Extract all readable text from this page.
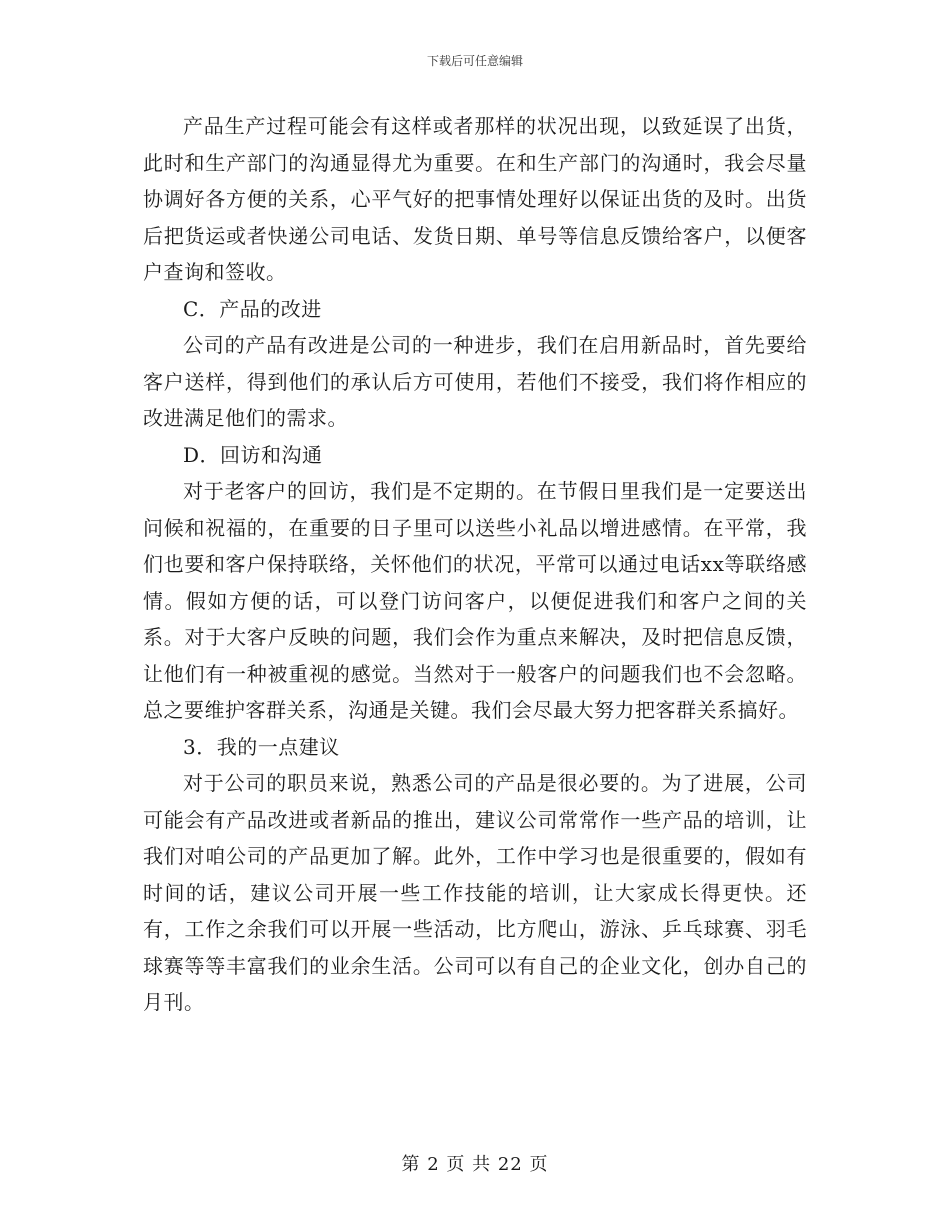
下载后可任意编辑

产品生产过程可能会有这样或者那样的状况出现，以致延误了出货，此时和生产部门的沟通显得尤为重要。在和生产部门的沟通时，我会尽量协调好各方便的关系，心平气好的把事情处理好以保证出货的及时。出货后把货运或者快递公司电话、发货日期、单号等信息反馈给客户，以便客户查询和签收。

C．产品的改进

公司的产品有改进是公司的一种进步，我们在启用新品时，首先要给客户送样，得到他们的承认后方可使用，若他们不接受，我们将作相应的改进满足他们的需求。

D．回访和沟通

对于老客户的回访，我们是不定期的。在节假日里我们是一定要送出问候和祝福的，在重要的日子里可以送些小礼品以增进感情。在平常，我们也要和客户保持联络，关怀他们的状况，平常可以通过电话xx等联络感情。假如方便的话，可以登门访问客户，以便促进我们和客户之间的关系。对于大客户反映的问题，我们会作为重点来解决，及时把信息反馈，让他们有一种被重视的感觉。当然对于一般客户的问题我们也不会忽略。总之要维护客群关系，沟通是关键。我们会尽最大努力把客群关系搞好。

3．我的一点建议

对于公司的职员来说，熟悉公司的产品是很必要的。为了进展，公司可能会有产品改进或者新品的推出，建议公司常常作一些产品的培训，让我们对咱公司的产品更加了解。此外，工作中学习也是很重要的，假如有时间的话，建议公司开展一些工作技能的培训，让大家成长得更快。还有，工作之余我们可以开展一些活动，比方爬山，游泳、乒乓球赛、羽毛球赛等等丰富我们的业余生活。公司可以有自己的企业文化，创办自己的月刊。

第 2 页 共 22 页
